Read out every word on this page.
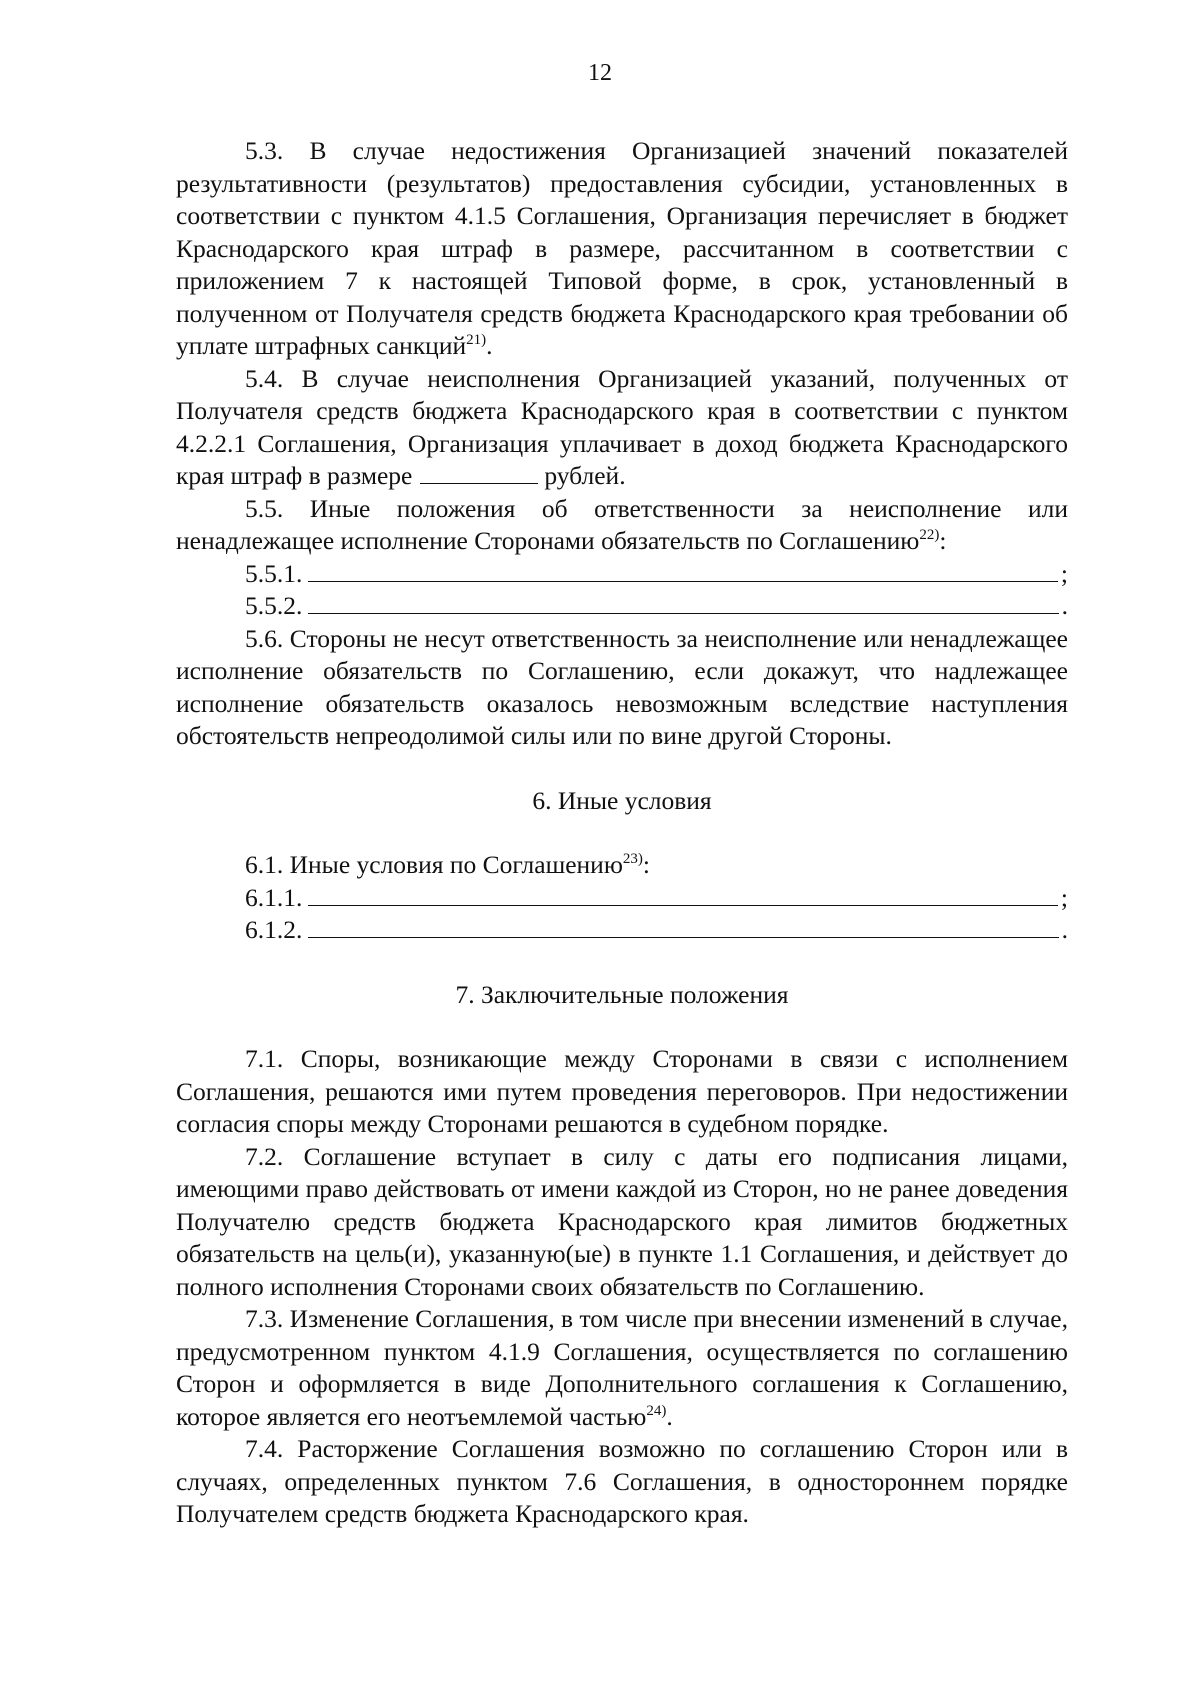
12

5.3. В случае недостижения Организацией значений показателей результативности (результатов) предоставления субсидии, установленных в соответствии с пунктом 4.1.5 Соглашения, Организация перечисляет в бюджет Краснодарского края штраф в размере, рассчитанном в соответствии с приложением 7 к настоящей Типовой форме, в срок, установленный в полученном от Получателя средств бюджета Краснодарского края требовании об уплате штрафных санкций$^{21)}$.

5.4. В случае неисполнения Организацией указаний, полученных от Получателя средств бюджета Краснодарского края в соответствии с пунктом 4.2.2.1 Соглашения, Организация уплачивает в доход бюджета Краснодарского края штраф в размере	рублей.

5.5. Иные положения об ответственности за неисполнение или ненадлежащее исполнение Сторонами обязательств по Соглашению$^{22)}$:

5.5.1.	;
5.5.2.	.

5.6. Стороны не несут ответственность за неисполнение или ненадлежащее исполнение обязательств по Соглашению, если докажут, что надлежащее исполнение обязательств оказалось невозможным вследствие наступления обстоятельств непреодолимой силы или по вине другой Стороны.

6. Иные условия

6.1. Иные условия по Соглашению$^{23)}$:

6.1.1.	;
6.1.2.	.

7. Заключительные положения

7.1. Споры, возникающие между Сторонами в связи с исполнением Соглашения, решаются ими путем проведения переговоров. При недостижении согласия споры между Сторонами решаются в судебном порядке.

7.2. Соглашение вступает в силу с даты его подписания лицами, имеющими право действовать от имени каждой из Сторон, но не ранее доведения Получателю средств бюджета Краснодарского края лимитов бюджетных обязательств на цель(и), указанную(ые) в пункте 1.1 Соглашения, и действует до полного исполнения Сторонами своих обязательств по Соглашению.

7.3. Изменение Соглашения, в том числе при внесении изменений в случае, предусмотренном пунктом 4.1.9 Соглашения, осуществляется по соглашению Сторон и оформляется в виде Дополнительного соглашения к Соглашению, которое является его неотъемлемой частью$^{24)}$.

7.4. Расторжение Соглашения возможно по соглашению Сторон или в случаях, определенных пунктом 7.6 Соглашения, в одностороннем порядке Получателем средств бюджета Краснодарского края.
